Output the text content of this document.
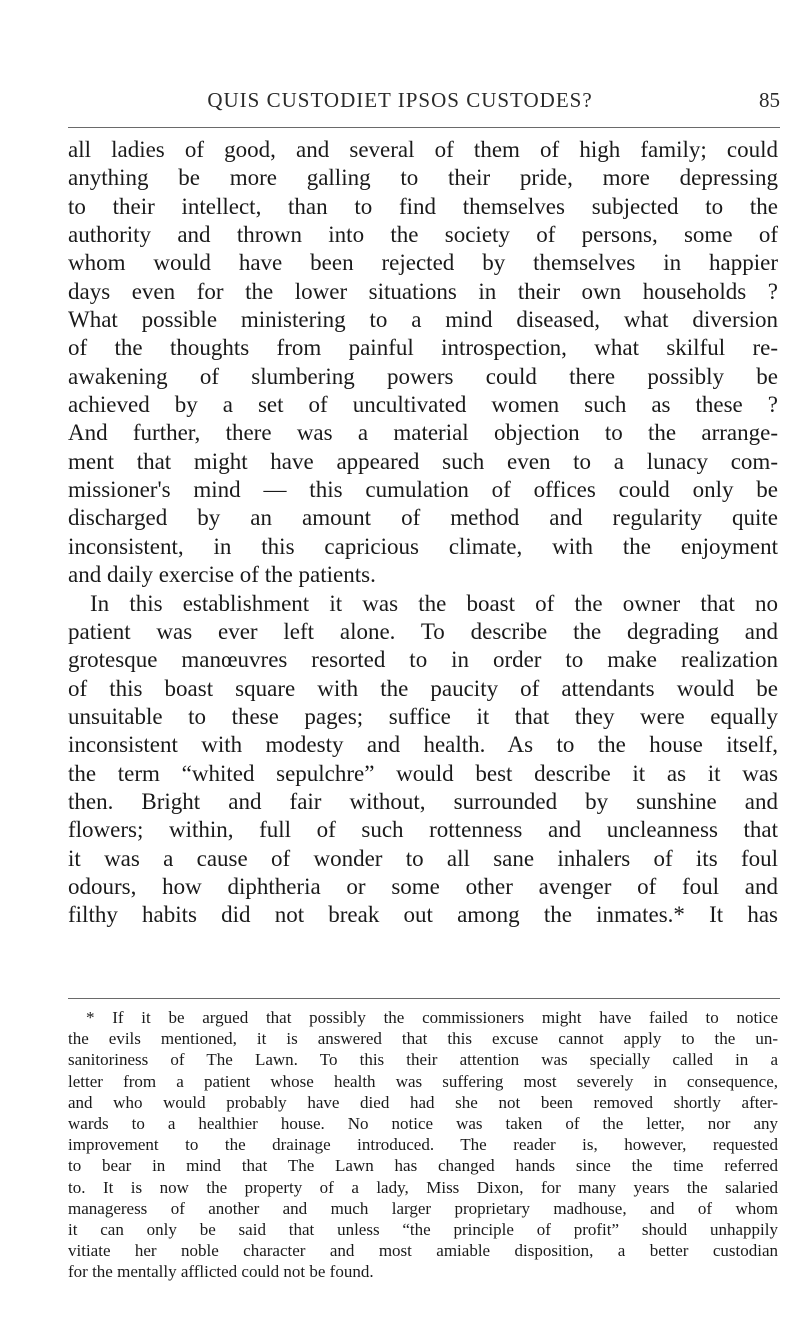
QUIS CUSTODIET IPSOS CUSTODES?	85
all ladies of good, and several of them of high family; could
anything be more galling to their pride, more depressing
to their intellect, than to find themselves subjected to the
authority and thrown into the society of persons, some of
whom would have been rejected by themselves in happier
days even for the lower situations in their own households ?
What possible ministering to a mind diseased, what diversion
of the thoughts from painful introspection, what skilful re-
awakening of slumbering powers could there possibly be
achieved by a set of uncultivated women such as these ?
And further, there was a material objection to the arrange-
ment that might have appeared such even to a lunacy com-
missioner's mind — this cumulation of offices could only be
discharged by an amount of method and regularity quite
inconsistent, in this capricious climate, with the enjoyment
and daily exercise of the patients.
In this establishment it was the boast of the owner that no
patient was ever left alone. To describe the degrading and
grotesque manœuvres resorted to in order to make realization
of this boast square with the paucity of attendants would be
unsuitable to these pages; suffice it that they were equally
inconsistent with modesty and health. As to the house itself,
the term “whited sepulchre” would best describe it as it was
then. Bright and fair without, surrounded by sunshine and
flowers; within, full of such rottenness and uncleanness that
it was a cause of wonder to all sane inhalers of its foul
odours, how diphtheria or some other avenger of foul and
filthy habits did not break out among the inmates.* It has
* If it be argued that possibly the commissioners might have failed to notice
the evils mentioned, it is answered that this excuse cannot apply to the un-
sanitoriness of The Lawn. To this their attention was specially called in a
letter from a patient whose health was suffering most severely in consequence,
and who would probably have died had she not been removed shortly after-
wards to a healthier house. No notice was taken of the letter, nor any
improvement to the drainage introduced. The reader is, however, requested
to bear in mind that The Lawn has changed hands since the time referred
to. It is now the property of a lady, Miss Dixon, for many years the salaried
manageress of another and much larger proprietary madhouse, and of whom
it can only be said that unless “the principle of profit” should unhappily
vitiate her noble character and most amiable disposition, a better custodian
for the mentally afflicted could not be found.
